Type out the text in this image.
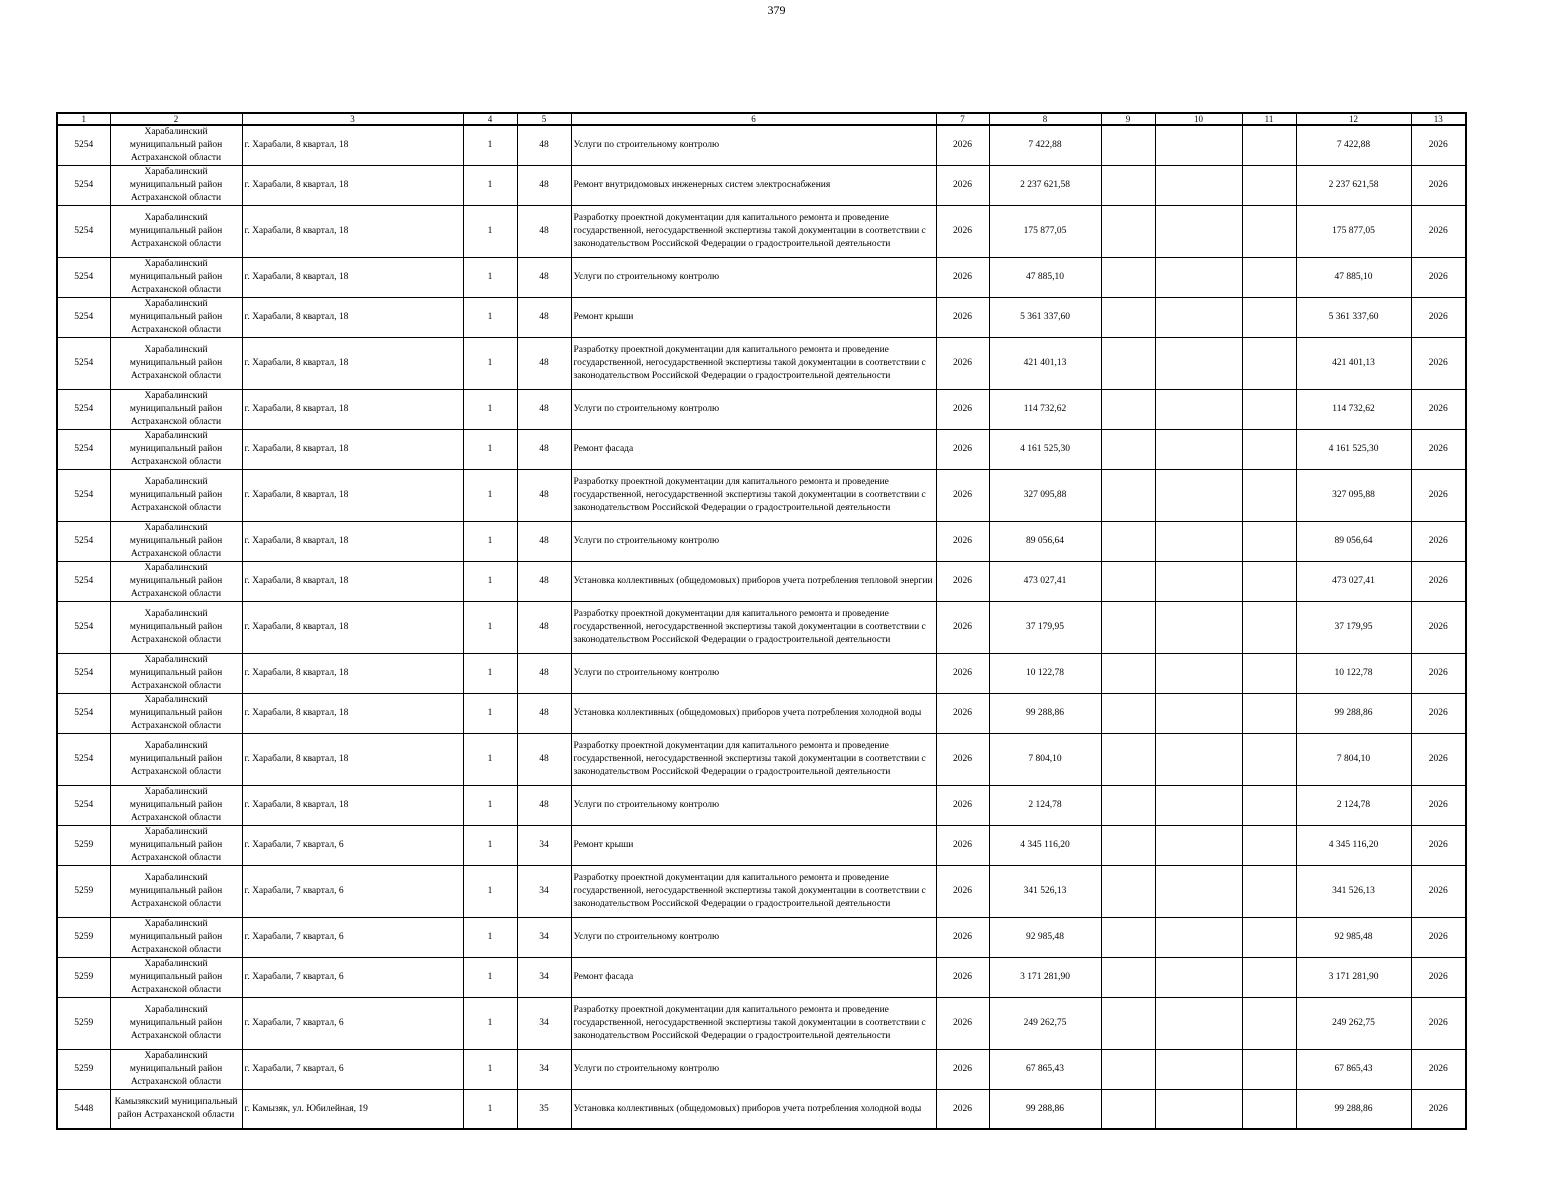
379
1	2	3	4	5	6	7	8	9	10	11	12	13
5254	Харабалинский муниципальный район Астраханской области	г. Харабали, 8 квартал, 18	1	48	Услуги по строительному контролю	2026	7 422,88				7 422,88	2026
5254	Харабалинский муниципальный район Астраханской области	г. Харабали, 8 квартал, 18	1	48	Ремонт внутридомовых инженерных систем электроснабжения	2026	2 237 621,58				2 237 621,58	2026
5254	Харабалинский муниципальный район Астраханской области	г. Харабали, 8 квартал, 18	1	48	Разработку проектной документации для капитального ремонта и проведение государственной, негосударственной экспертизы такой документации в соответствии с законодательством Российской Федерации о градостроительной деятельности	2026	175 877,05				175 877,05	2026
5254	Харабалинский муниципальный район Астраханской области	г. Харабали, 8 квартал, 18	1	48	Услуги по строительному контролю	2026	47 885,10				47 885,10	2026
5254	Харабалинский муниципальный район Астраханской области	г. Харабали, 8 квартал, 18	1	48	Ремонт крыши	2026	5 361 337,60				5 361 337,60	2026
5254	Харабалинский муниципальный район Астраханской области	г. Харабали, 8 квартал, 18	1	48	Разработку проектной документации для капитального ремонта и проведение государственной, негосударственной экспертизы такой документации в соответствии с законодательством Российской Федерации о градостроительной деятельности	2026	421 401,13				421 401,13	2026
5254	Харабалинский муниципальный район Астраханской области	г. Харабали, 8 квартал, 18	1	48	Услуги по строительному контролю	2026	114 732,62				114 732,62	2026
5254	Харабалинский муниципальный район Астраханской области	г. Харабали, 8 квартал, 18	1	48	Ремонт фасада	2026	4 161 525,30				4 161 525,30	2026
5254	Харабалинский муниципальный район Астраханской области	г. Харабали, 8 квартал, 18	1	48	Разработку проектной документации для капитального ремонта и проведение государственной, негосударственной экспертизы такой документации в соответствии с законодательством Российской Федерации о градостроительной деятельности	2026	327 095,88				327 095,88	2026
5254	Харабалинский муниципальный район Астраханской области	г. Харабали, 8 квартал, 18	1	48	Услуги по строительному контролю	2026	89 056,64				89 056,64	2026
5254	Харабалинский муниципальный район Астраханской области	г. Харабали, 8 квартал, 18	1	48	Установка коллективных (общедомовых) приборов учета потребления тепловой энергии	2026	473 027,41				473 027,41	2026
5254	Харабалинский муниципальный район Астраханской области	г. Харабали, 8 квартал, 18	1	48	Разработку проектной документации для капитального ремонта и проведение государственной, негосударственной экспертизы такой документации в соответствии с законодательством Российской Федерации о градостроительной деятельности	2026	37 179,95				37 179,95	2026
5254	Харабалинский муниципальный район Астраханской области	г. Харабали, 8 квартал, 18	1	48	Услуги по строительному контролю	2026	10 122,78				10 122,78	2026
5254	Харабалинский муниципальный район Астраханской области	г. Харабали, 8 квартал, 18	1	48	Установка коллективных (общедомовых) приборов учета потребления холодной воды	2026	99 288,86				99 288,86	2026
5254	Харабалинский муниципальный район Астраханской области	г. Харабали, 8 квартал, 18	1	48	Разработку проектной документации для капитального ремонта и проведение государственной, негосударственной экспертизы такой документации в соответствии с законодательством Российской Федерации о градостроительной деятельности	2026	7 804,10				7 804,10	2026
5254	Харабалинский муниципальный район Астраханской области	г. Харабали, 8 квартал, 18	1	48	Услуги по строительному контролю	2026	2 124,78				2 124,78	2026
5259	Харабалинский муниципальный район Астраханской области	г. Харабали, 7 квартал, 6	1	34	Ремонт крыши	2026	4 345 116,20				4 345 116,20	2026
5259	Харабалинский муниципальный район Астраханской области	г. Харабали, 7 квартал, 6	1	34	Разработку проектной документации для капитального ремонта и проведение государственной, негосударственной экспертизы такой документации в соответствии с законодательством Российской Федерации о градостроительной деятельности	2026	341 526,13				341 526,13	2026
5259	Харабалинский муниципальный район Астраханской области	г. Харабали, 7 квартал, 6	1	34	Услуги по строительному контролю	2026	92 985,48				92 985,48	2026
5259	Харабалинский муниципальный район Астраханской области	г. Харабали, 7 квартал, 6	1	34	Ремонт фасада	2026	3 171 281,90				3 171 281,90	2026
5259	Харабалинский муниципальный район Астраханской области	г. Харабали, 7 квартал, 6	1	34	Разработку проектной документации для капитального ремонта и проведение государственной, негосударственной экспертизы такой документации в соответствии с законодательством Российской Федерации о градостроительной деятельности	2026	249 262,75				249 262,75	2026
5259	Харабалинский муниципальный район Астраханской области	г. Харабали, 7 квартал, 6	1	34	Услуги по строительному контролю	2026	67 865,43				67 865,43	2026
5448	Камызякский муниципальный район Астраханской области	г. Камызяк, ул. Юбилейная, 19	1	35	Установка коллективных (общедомовых) приборов учета потребления холодной воды	2026	99 288,86				99 288,86	2026
